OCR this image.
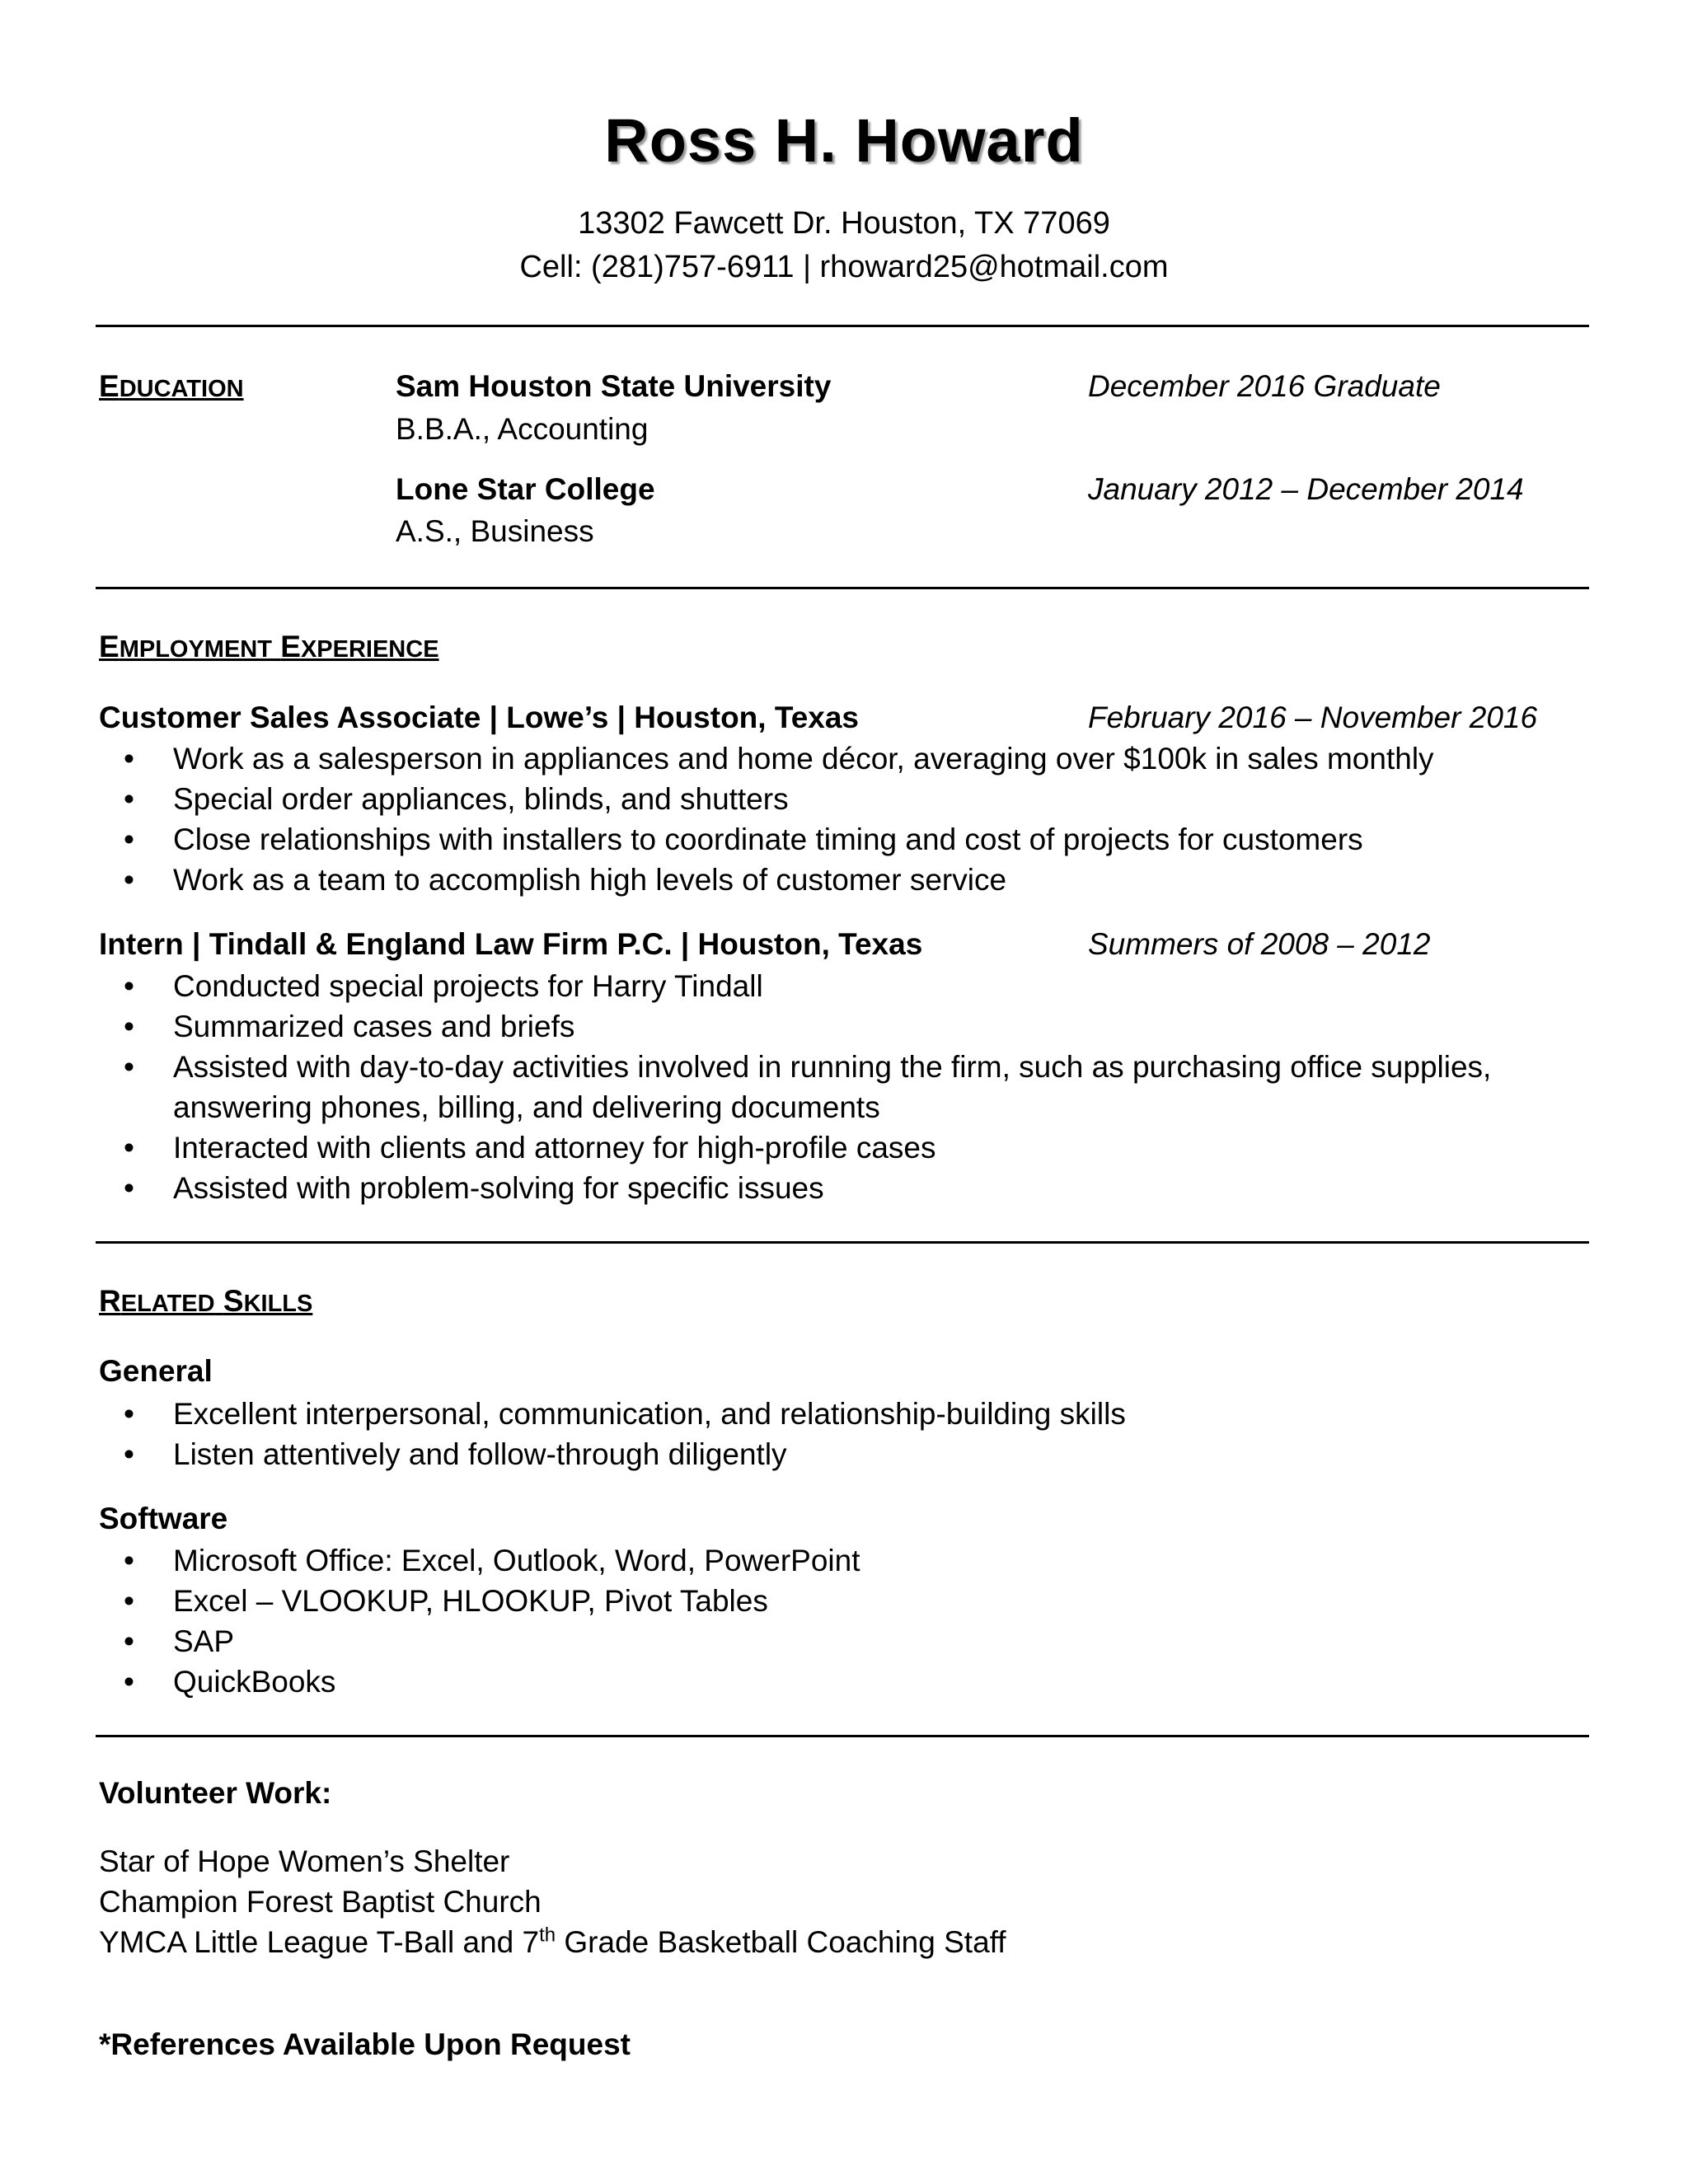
Ross H. Howard
13302 Fawcett Dr. Houston, TX 77069
Cell: (281)757-6911 | rhoward25@hotmail.com
EDUCATION	Sam Houston State University	December 2016 Graduate
B.B.A., Accounting
Lone Star College	January 2012 – December 2014
A.S., Business
EMPLOYMENT EXPERIENCE
Customer Sales Associate | Lowe’s | Houston, Texas	February 2016 – November 2016
• Work as a salesperson in appliances and home décor, averaging over $100k in sales monthly
• Special order appliances, blinds, and shutters
• Close relationships with installers to coordinate timing and cost of projects for customers
• Work as a team to accomplish high levels of customer service
Intern | Tindall & England Law Firm P.C. | Houston, Texas	Summers of 2008 – 2012
• Conducted special projects for Harry Tindall
• Summarized cases and briefs
• Assisted with day-to-day activities involved in running the firm, such as purchasing office supplies, answering phones, billing, and delivering documents
• Interacted with clients and attorney for high-profile cases
• Assisted with problem-solving for specific issues
RELATED SKILLS
General
• Excellent interpersonal, communication, and relationship-building skills
• Listen attentively and follow-through diligently
Software
• Microsoft Office: Excel, Outlook, Word, PowerPoint
• Excel – VLOOKUP, HLOOKUP, Pivot Tables
• SAP
• QuickBooks
Volunteer Work:
Star of Hope Women’s Shelter
Champion Forest Baptist Church
YMCA Little League T-Ball and 7th Grade Basketball Coaching Staff
*References Available Upon Request
